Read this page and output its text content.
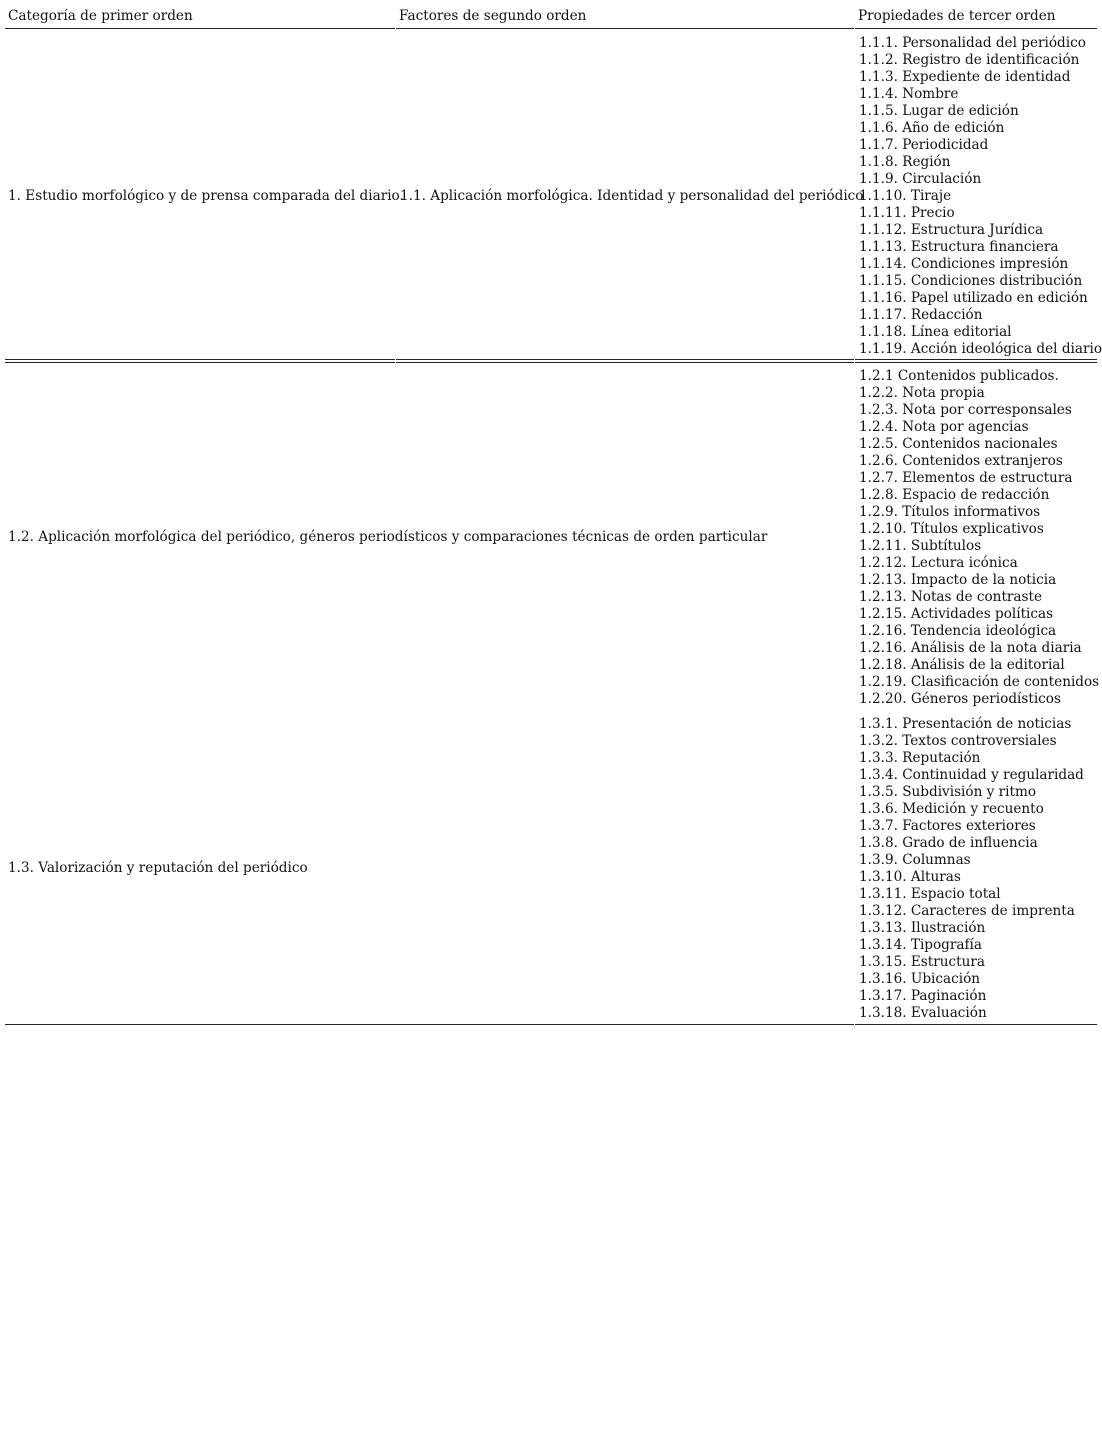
Categoría de primer orden	Factores de segundo orden	Propiedades de tercer orden
1. Estudio morfológico y de prensa comparada del diario.
1.1. Aplicación morfológica. Identidad y personalidad del periódico
1.1.1. Personalidad del periódico
1.1.2. Registro de identificación
1.1.3. Expediente de identidad
1.1.4. Nombre
1.1.5. Lugar de edición
1.1.6. Año de edición
1.1.7. Periodicidad
1.1.8. Región
1.1.9. Circulación
1.1.10. Tiraje
1.1.11. Precio
1.1.12. Estructura Jurídica
1.1.13. Estructura financiera
1.1.14. Condiciones impresión
1.1.15. Condiciones distribución
1.1.16. Papel utilizado en edición
1.1.17. Redacción
1.1.18. Línea editorial
1.1.19. Acción ideológica del diario
1.2. Aplicación morfológica del periódico, géneros periodísticos y comparaciones técnicas de orden particular
1.2.1 Contenidos publicados.
1.2.2. Nota propia
1.2.3. Nota por corresponsales
1.2.4. Nota por agencias
1.2.5. Contenidos nacionales
1.2.6. Contenidos extranjeros
1.2.7. Elementos de estructura
1.2.8. Espacio de redacción
1.2.9. Títulos informativos
1.2.10. Títulos explicativos
1.2.11. Subtítulos
1.2.12. Lectura icónica
1.2.13. Impacto de la noticia
1.2.13. Notas de contraste
1.2.15. Actividades políticas
1.2.16. Tendencia ideológica
1.2.16. Análisis de la nota diaria
1.2.18. Análisis de la editorial
1.2.19. Clasificación de contenidos
1.2.20. Géneros periodísticos
1.3. Valorización y reputación del periódico
1.3.1. Presentación de noticias
1.3.2. Textos controversiales
1.3.3. Reputación
1.3.4. Continuidad y regularidad
1.3.5. Subdivisión y ritmo
1.3.6. Medición y recuento
1.3.7. Factores exteriores
1.3.8. Grado de influencia
1.3.9. Columnas
1.3.10. Alturas
1.3.11. Espacio total
1.3.12. Caracteres de imprenta
1.3.13. Ilustración
1.3.14. Tipografía
1.3.15. Estructura
1.3.16. Ubicación
1.3.17. Paginación
1.3.18. Evaluación
